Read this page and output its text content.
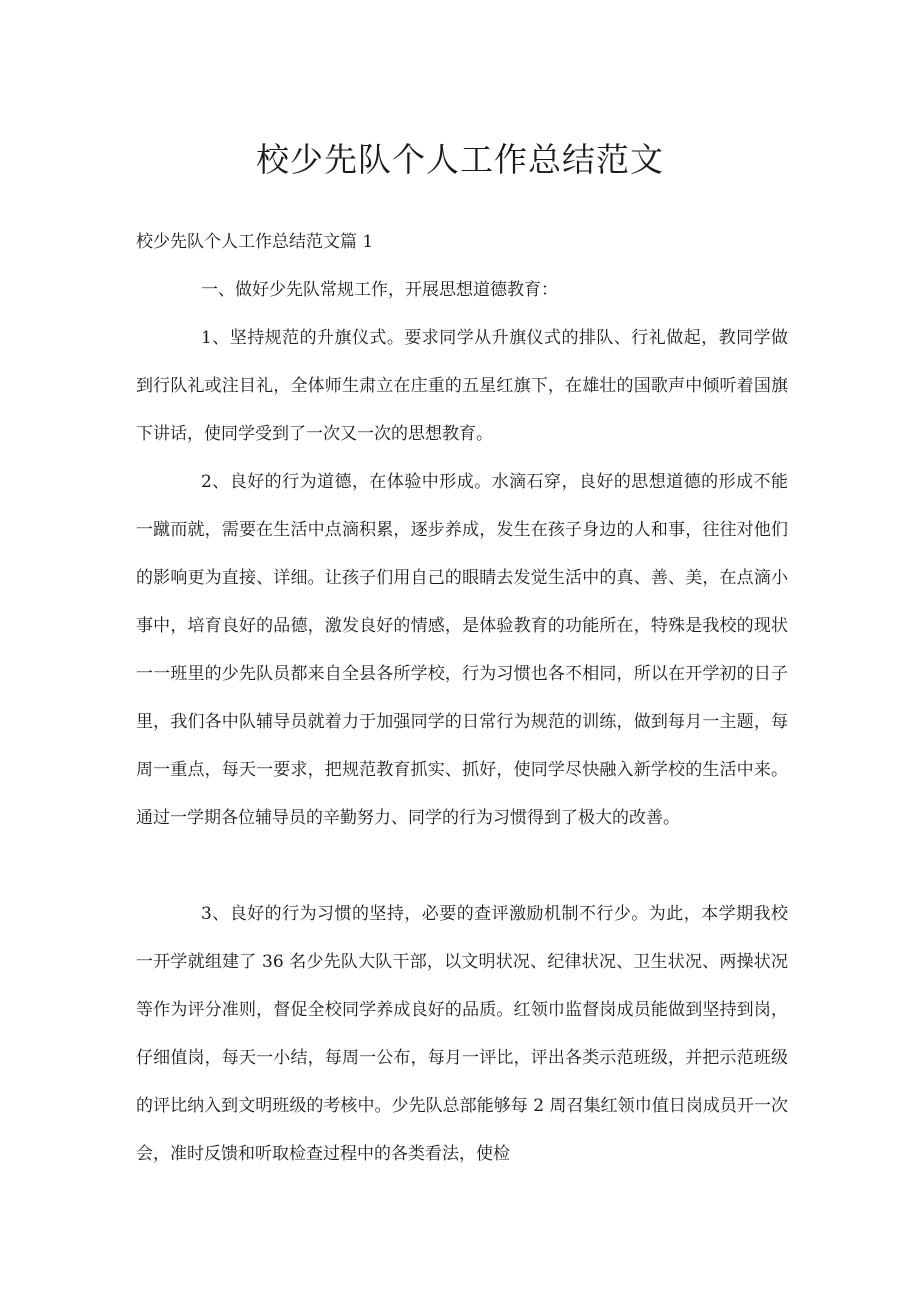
校少先队个人工作总结范文

校少先队个人工作总结范文篇 1

一、做好少先队常规工作，开展思想道德教育：

1、坚持规范的升旗仪式。要求同学从升旗仪式的排队、行礼做起，教同学做到行队礼或注目礼，全体师生肃立在庄重的五星红旗下，在雄壮的国歌声中倾听着国旗下讲话，使同学受到了一次又一次的思想教育。

2、良好的行为道德，在体验中形成。水滴石穿，良好的思想道德的形成不能一蹴而就，需要在生活中点滴积累，逐步养成，发生在孩子身边的人和事，往往对他们的影响更为直接、详细。让孩子们用自己的眼睛去发觉生活中的真、善、美，在点滴小事中，培育良好的品德，激发良好的情感，是体验教育的功能所在，特殊是我校的现状一一班里的少先队员都来自全县各所学校，行为习惯也各不相同，所以在开学初的日子里，我们各中队辅导员就着力于加强同学的日常行为规范的训练，做到每月一主题，每周一重点，每天一要求，把规范教育抓实、抓好，使同学尽快融入新学校的生活中来。通过一学期各位辅导员的辛勤努力、同学的行为习惯得到了极大的改善。

3、良好的行为习惯的坚持，必要的查评激励机制不行少。为此，本学期我校一开学就组建了 36 名少先队大队干部，以文明状况、纪律状况、卫生状况、两操状况等作为评分准则，督促全校同学养成良好的品质。红领巾监督岗成员能做到坚持到岗，仔细值岗，每天一小结，每周一公布，每月一评比，评出各类示范班级，并把示范班级的评比纳入到文明班级的考核中。少先队总部能够每 2 周召集红领巾值日岗成员开一次会，准时反馈和听取检查过程中的各类看法，使检
